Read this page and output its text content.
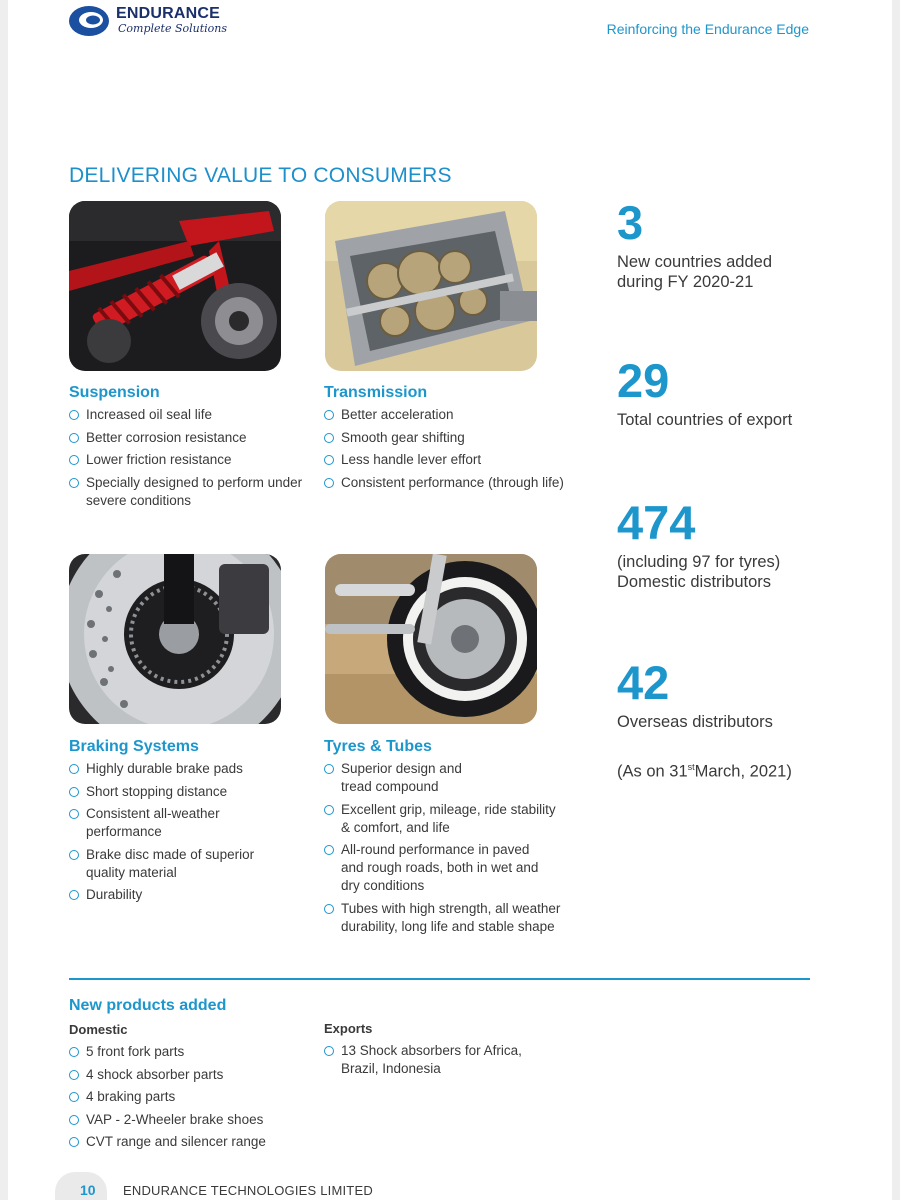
ENDURANCE
Complete Solutions	Reinforcing the Endurance Edge
DELIVERING VALUE TO CONSUMERS
Suspension
Increased oil seal life
Better corrosion resistance
Lower friction resistance
Specially designed to perform under severe conditions
Transmission
Better acceleration
Smooth gear shifting
Less handle lever effort
Consistent performance (through life)
Braking Systems
Highly durable brake pads
Short stopping distance
Consistent all-weather performance
Brake disc made of superior quality material
Durability
Tyres & Tubes
Superior design and tread compound
Excellent grip, mileage, ride stability & comfort, and life
All-round performance in paved and rough roads, both in wet and dry conditions
Tubes with high strength, all weather durability, long life and stable shape
3
New countries added during FY 2020-21
29
Total countries of export
474
(including 97 for tyres) Domestic distributors
42
Overseas distributors
(As on 31stMarch, 2021)
New products added
Domestic
5 front fork parts
4 shock absorber parts
4 braking parts
VAP - 2-Wheeler brake shoes
CVT range and silencer range
Exports
13 Shock absorbers for Africa, Brazil, Indonesia
10 ENDURANCE TECHNOLOGIES LIMITED
